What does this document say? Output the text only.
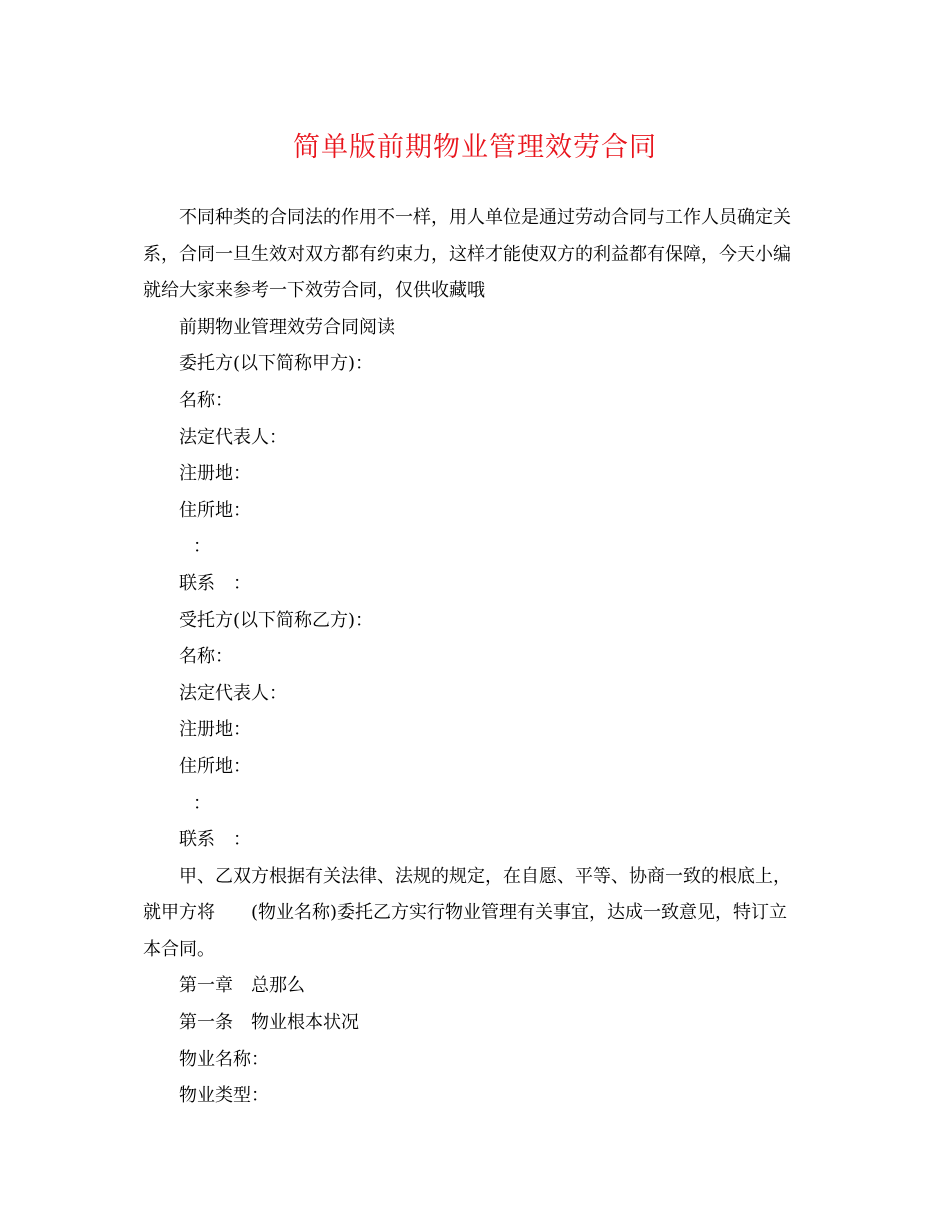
简单版前期物业管理效劳合同

不同种类的合同法的作用不一样，用人单位是通过劳动合同与工作人员确定关系，合同一旦生效对双方都有约束力，这样才能使双方的利益都有保障，今天小编就给大家来参考一下效劳合同，仅供收藏哦

前期物业管理效劳合同阅读

委托方(以下简称甲方)：

名称：

法定代表人：

注册地：

住所地：

：

联系　：

受托方(以下简称乙方)：

名称：

法定代表人：

注册地：

住所地：

：

联系　：

甲、乙双方根据有关法律、法规的规定，在自愿、平等、协商一致的根底上，就甲方将　　(物业名称)委托乙方实行物业管理有关事宜，达成一致意见，特订立本合同。

第一章　总那么

第一条　物业根本状况

物业名称：

物业类型：
